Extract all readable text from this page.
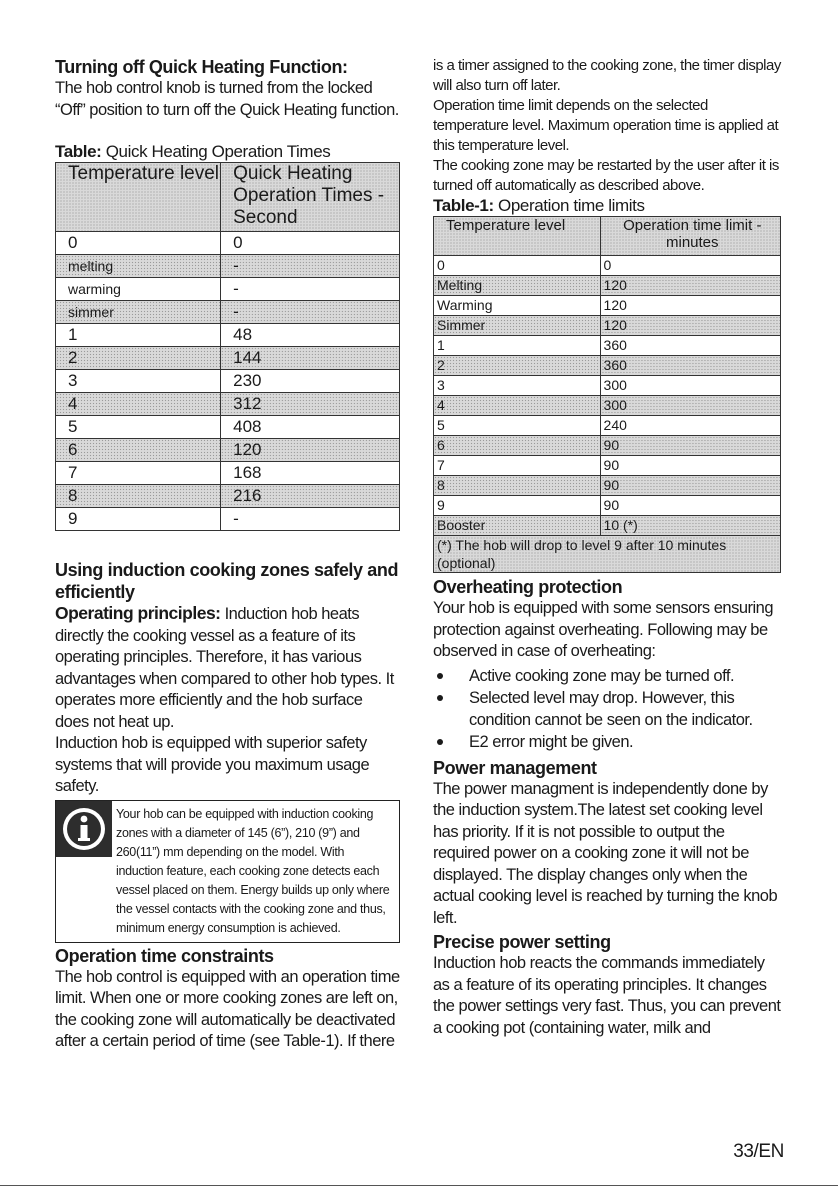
Turning off Quick Heating Function:

The hob control knob is turned from the locked “Off” position to turn off the Quick Heating function.

Table: Quick Heating Operation Times

Temperature level	Quick Heating Operation Times - Second
0	0
melting	-
warming	-
simmer	-
1	48
2	144
3	230
4	312
5	408
6	120
7	168
8	216
9	-

Using induction cooking zones safely and efficiently

Operating principles: Induction hob heats directly the cooking vessel as a feature of its operating principles. Therefore, it has various advantages when compared to other hob types. It operates more efficiently and the hob surface does not heat up.

Induction hob is equipped with superior safety systems that will provide you maximum usage safety.

Your hob can be equipped with induction cooking zones with a diameter of 145 (6”), 210 (9”) and 260(11”) mm depending on the model. With induction feature, each cooking zone detects each vessel placed on them. Energy builds up only where the vessel contacts with the cooking zone and thus, minimum energy consumption is achieved.

Operation time constraints

The hob control is equipped with an operation time limit. When one or more cooking zones are left on, the cooking zone will automatically be deactivated after a certain period of time (see Table-1). If there

is a timer assigned to the cooking zone, the timer display will also turn off later.

Operation time limit depends on the selected temperature level. Maximum operation time is applied at this temperature level.

The cooking zone may be restarted by the user after it is turned off automatically as described above.

Table-1: Operation time limits

Temperature level	Operation time limit - minutes
0	0
Melting	120
Warming	120
Simmer	120
1	360
2	360
3	300
4	300
5	240
6	90
7	90
8	90
9	90
Booster	10 (*)
(*) The hob will drop to level 9 after 10 minutes (optional)	

Overheating protection

Your hob is equipped with some sensors ensuring protection against overheating. Following may be observed in case of overheating:

Active cooking zone may be turned off.
Selected level may drop. However, this condition cannot be seen on the indicator.
E2 error might be given.

Power management

The power managment is independently done by the induction system.The latest set cooking level has priority. If it is not possible to output the required power on a cooking zone it will not be displayed. The display changes only when the actual cooking level is reached by turning the knob left.

Precise power setting

Induction hob reacts the commands immediately as a feature of its operating principles. It changes the power settings very fast. Thus, you can prevent a cooking pot (containing water, milk and

33/EN
